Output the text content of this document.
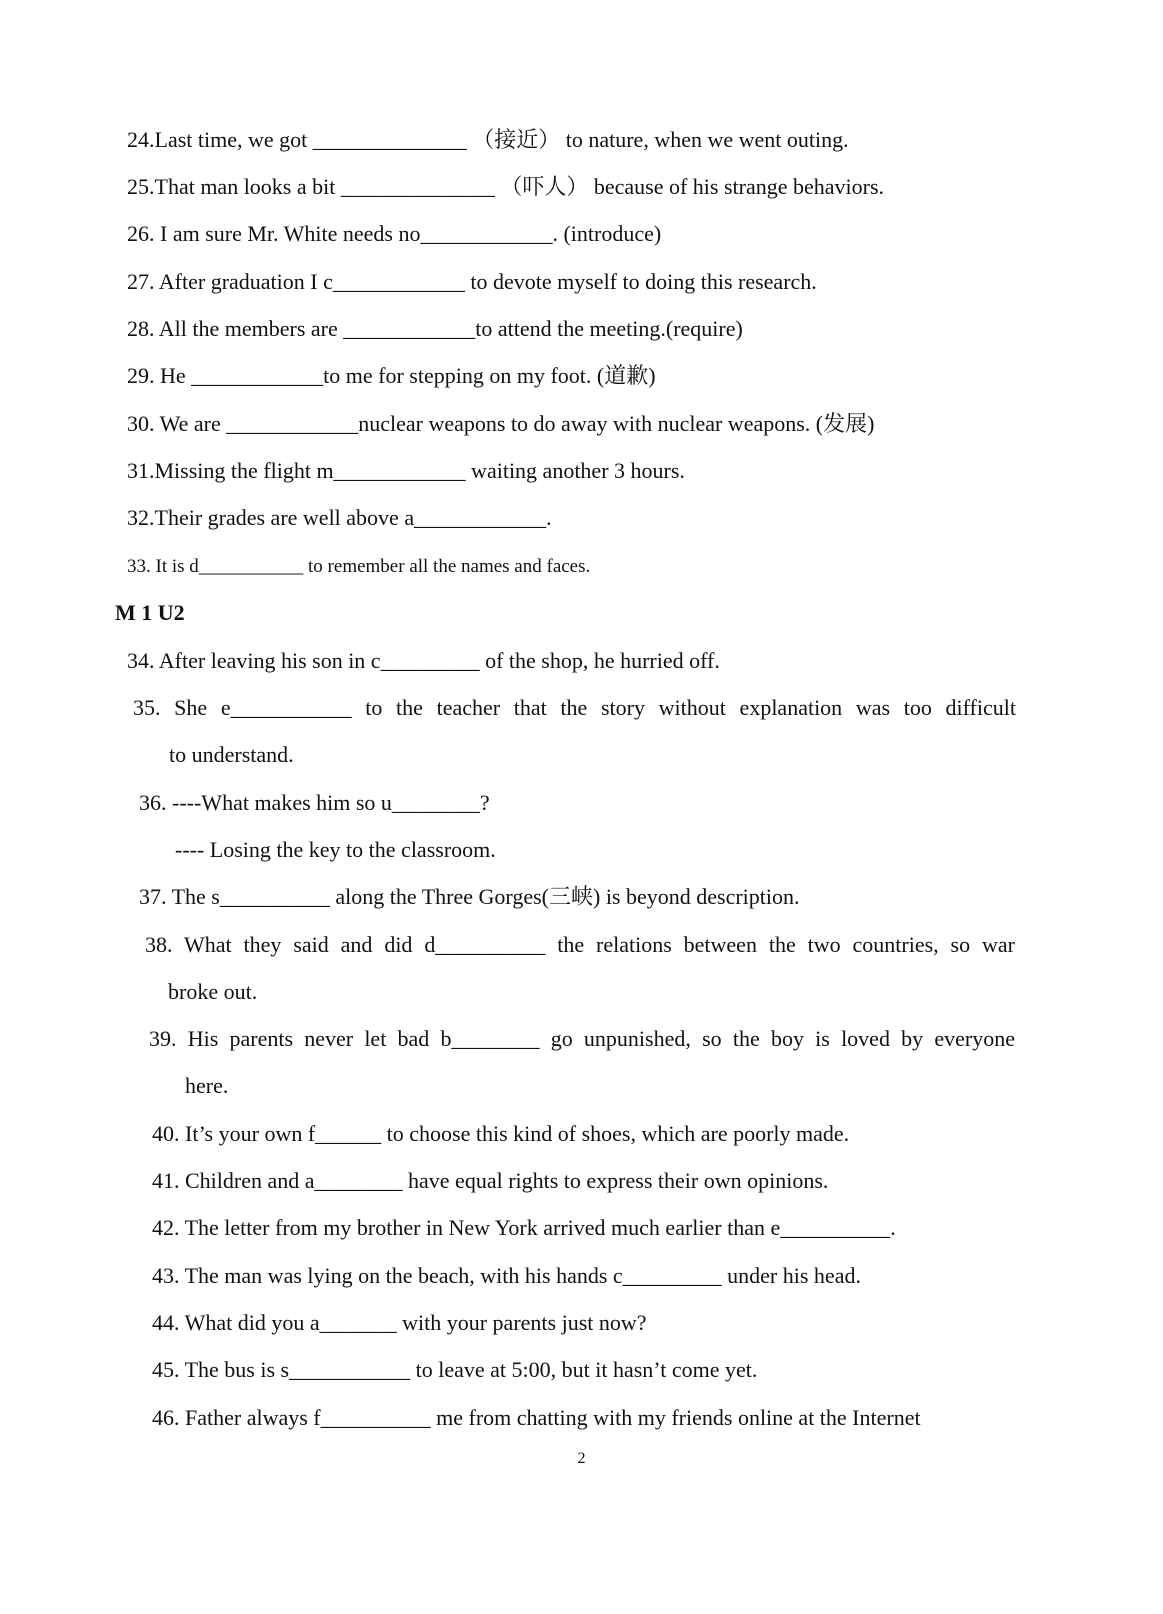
24.Last time, we got ______________ （接近） to nature, when we went outing.
25.That man looks a bit ______________ （吓人） because of his strange behaviors.
26. I am sure Mr. White needs no____________. (introduce)
27. After graduation I c____________ to devote myself to doing this research.
28. All the members are ____________to attend the meeting.(require)
29. He ____________to me for stepping on my foot. (道歉)
30. We are ____________nuclear weapons to do away with nuclear weapons. (发展)
31.Missing the flight m____________ waiting another 3 hours.
32.Their grades are well above a____________.
33. It is d___________ to remember all the names and faces.
M 1 U2
34. After leaving his son in c_________ of the shop, he hurried off.
35. She e___________ to the teacher that the story without explanation was too difficult
to understand.
36. ----What makes him so u________?
---- Losing the key to the classroom.
37. The s__________ along the Three Gorges(三峡) is beyond description.
38. What they said and did d__________ the relations between the two countries, so war
broke out.
39. His parents never let bad b________ go unpunished, so the boy is loved by everyone
here.
40. It’s your own f______ to choose this kind of shoes, which are poorly made.
41. Children and a________ have equal rights to express their own opinions.
42. The letter from my brother in New York arrived much earlier than e__________.
43. The man was lying on the beach, with his hands c_________ under his head.
44. What did you a_______ with your parents just now?
45. The bus is s___________ to leave at 5:00, but it hasn’t come yet.
46. Father always f__________ me from chatting with my friends online at the Internet
2
